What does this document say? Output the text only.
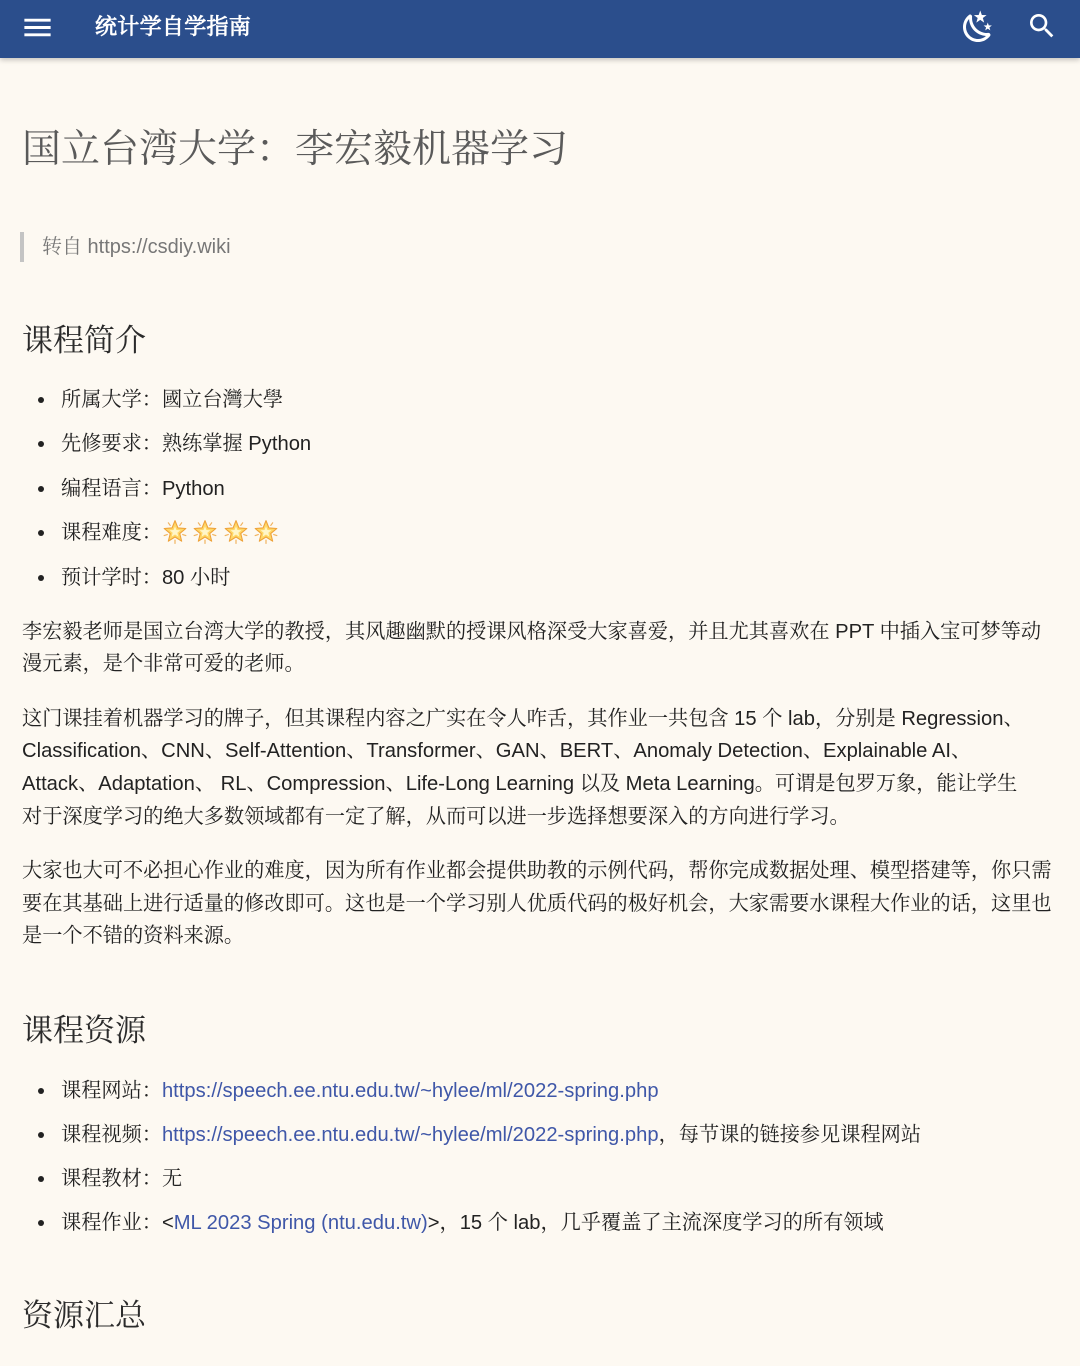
统计学自学指南
国立台湾大学：李宏毅机器学习
转自 https://csdiy.wiki
课程简介
所属大学：國立台灣大學
先修要求：熟练掌握 Python
编程语言：Python
课程难度：
预计学时：80 小时

李宏毅老师是国立台湾大学的教授，其风趣幽默的授课风格深受大家喜爱，并且尤其喜欢在 PPT 中插入宝可梦等动
漫元素，是个非常可爱的老师。

这门课挂着机器学习的牌子，但其课程内容之广实在令人咋舌，其作业一共包含 15 个 lab，分别是 Regression、
Classification、CNN、Self-Attention、Transformer、GAN、BERT、Anomaly Detection、Explainable AI、
Attack、Adaptation、 RL、Compression、Life-Long Learning 以及 Meta Learning。可谓是包罗万象，能让学生
对于深度学习的绝大多数领域都有一定了解，从而可以进一步选择想要深入的方向进行学习。

大家也大可不必担心作业的难度，因为所有作业都会提供助教的示例代码，帮你完成数据处理、模型搭建等，你只需
要在其基础上进行适量的修改即可。这也是一个学习别人优质代码的极好机会，大家需要水课程大作业的话，这里也
是一个不错的资料来源。

课程资源
课程网站：https://speech.ee.ntu.edu.tw/~hylee/ml/2022-spring.php
课程视频：https://speech.ee.ntu.edu.tw/~hylee/ml/2022-spring.php，每节课的链接参见课程网站
课程教材：无
课程作业：<ML 2023 Spring (ntu.edu.tw)>，15 个 lab，几乎覆盖了主流深度学习的所有领域
资源汇总
